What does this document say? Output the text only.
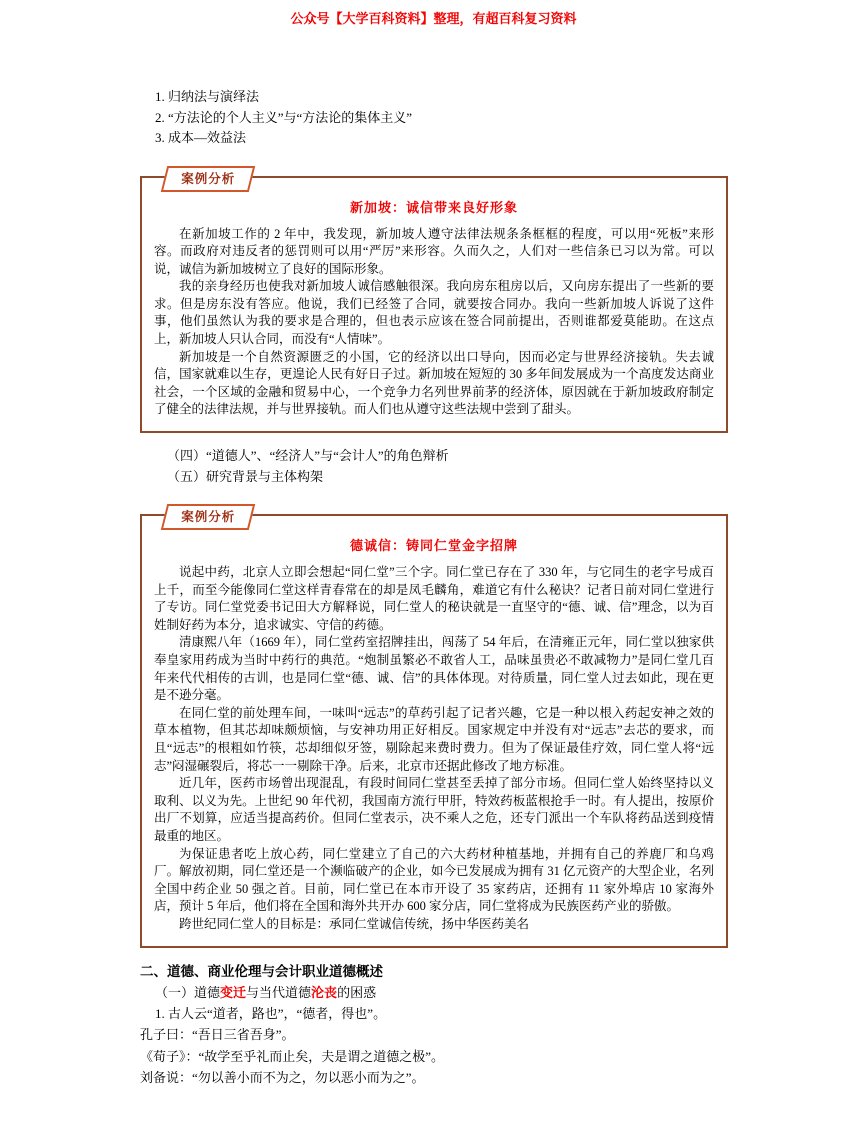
公众号【大学百科资料】整理，有超百科复习资料
1. 归纳法与演绎法
2. “方法论的个人主义”与“方法论的集体主义”
3. 成本—效益法
案例分析
新加坡：诚信带来良好形象

在新加坡工作的 2 年中，我发现，新加坡人遵守法律法规条条框框的程度，可以用“死板”来形容。而政府对违反者的惩罚则可以用“严厉”来形容。久而久之，人们对一些信条已习以为常。可以说，诚信为新加坡树立了良好的国际形象。

我的亲身经历也使我对新加坡人诚信感触很深。我向房东租房以后，又向房东提出了一些新的要求。但是房东没有答应。他说，我们已经签了合同，就要按合同办。我向一些新加坡人诉说了这件事，他们虽然认为我的要求是合理的，但也表示应该在签合同前提出，否则谁都爱莫能助。在这点上，新加坡人只认合同，而没有“人情味”。

新加坡是一个自然资源匮乏的小国，它的经济以出口导向，因而必定与世界经济接轨。失去诚信，国家就难以生存，更遑论人民有好日子过。新加坡在短短的 30 多年间发展成为一个高度发达商业社会，一个区域的金融和贸易中心，一个竞争力名列世界前茅的经济体，原因就在于新加坡政府制定了健全的法律法规，并与世界接轨。而人们也从遵守这些法规中尝到了甜头。

（四）“道德人”、“经济人”与“会计人”的角色辩析
（五）研究背景与主体构架
案例分析
德诚信：铸同仁堂金字招牌

说起中药，北京人立即会想起“同仁堂”三个字。同仁堂已存在了 330 年，与它同生的老字号成百上千，而至今能像同仁堂这样青春常在的却是凤毛麟角，难道它有什么秘诀？记者日前对同仁堂进行了专访。同仁堂党委书记田大方解释说，同仁堂人的秘诀就是一直坚守的“德、诚、信”理念，以为百姓制好药为本分，追求诚实、守信的药德。

清康熙八年（1669 年），同仁堂药室招牌挂出，闯荡了 54 年后，在清雍正元年，同仁堂以独家供奉皇家用药成为当时中药行的典范。“炮制虽繁必不敢省人工，品味虽贵必不敢减物力”是同仁堂几百年来代代相传的古训，也是同仁堂“德、诚、信”的具体体现。对待质量，同仁堂人过去如此，现在更是不逊分毫。

在同仁堂的前处理车间，一味叫“远志”的草药引起了记者兴趣，它是一种以根入药起安神之效的草本植物，但其芯却味颇烦恼，与安神功用正好相反。国家规定中并没有对“远志”去芯的要求，而且“远志”的根粗如竹筷，芯却细似牙签，剔除起来费时费力。但为了保证最佳疗效，同仁堂人将“远志”闷湿碾裂后，将芯一一剔除干净。后来，北京市还据此修改了地方标准。

近几年，医药市场曾出现混乱，有段时间同仁堂甚至丢掉了部分市场。但同仁堂人始终坚持以义取利、以义为先。上世纪 90 年代初，我国南方流行甲肝，特效药板蓝根抢手一时。有人提出，按原价出厂不划算，应适当提高药价。但同仁堂表示，决不乘人之危，还专门派出一个车队将药品送到疫情最重的地区。

为保证患者吃上放心药，同仁堂建立了自己的六大药材种植基地，并拥有自己的养鹿厂和乌鸡厂。解放初期，同仁堂还是一个濒临破产的企业，如今已发展成为拥有 31 亿元资产的大型企业，名列全国中药企业 50 强之首。目前，同仁堂已在本市开设了 35 家药店，还拥有 11 家外埠店 10 家海外店，预计 5 年后，他们将在全国和海外共开办 600 家分店，同仁堂将成为民族医药产业的骄傲。

跨世纪同仁堂人的目标是：承同仁堂诚信传统，扬中华医药美名

二、道德、商业伦理与会计职业道德概述
（一）道德变迁与当代道德沦丧的困惑
1. 古人云“道者，路也”，“德者，得也”。
孔子曰：“吾日三省吾身”。
《荀子》：“故学至乎礼而止矣，夫是谓之道德之极”。
刘备说：“勿以善小而不为之，勿以恶小而为之”。
